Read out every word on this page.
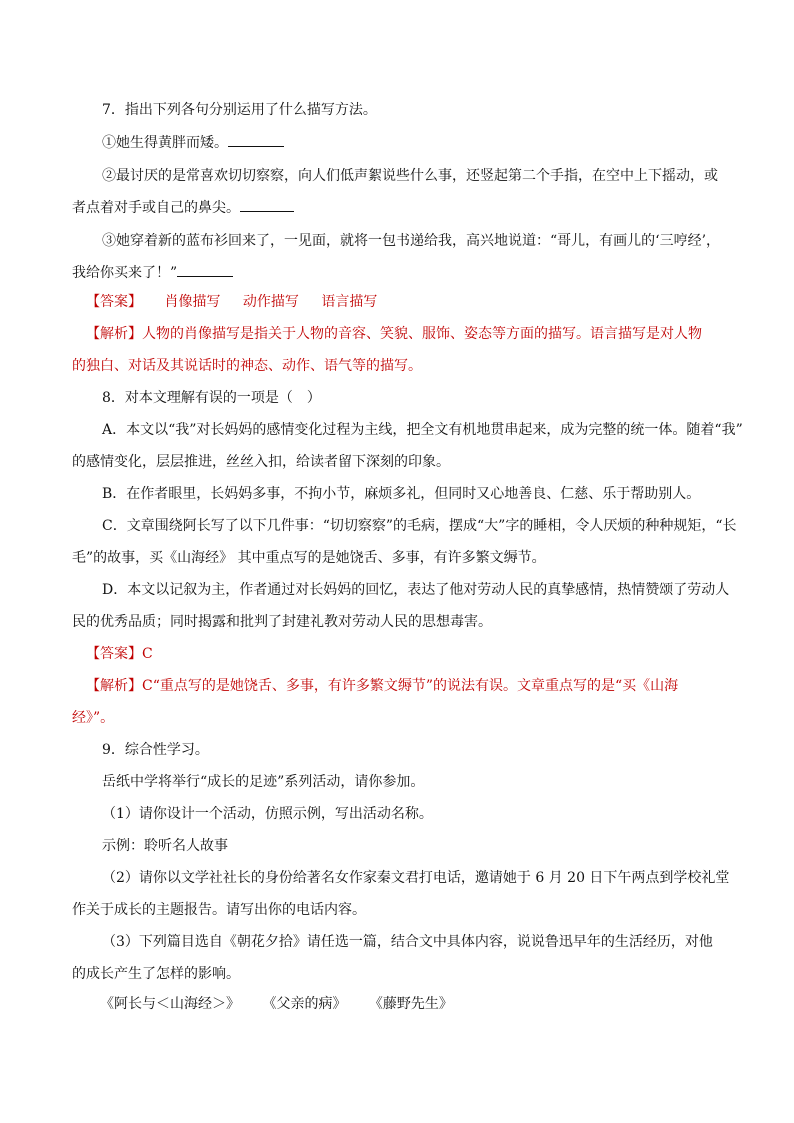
7．指出下列各句分别运用了什么描写方法。
①她生得黄胖而矮。
②最讨厌的是常喜欢切切察察，向人们低声絮说些什么事，还竖起第二个手指，在空中上下摇动，或
者点着对手或自己的鼻尖。
③她穿着新的蓝布衫回来了，一见面，就将一包书递给我，高兴地说道：“哥儿，有画儿的‘三哼经’，
我给你买来了！”
【答案】 肖像描写 动作描写 语言描写
【解析】人物的肖像描写是指关于人物的音容、笑貌、服饰、姿态等方面的描写。语言描写是对人物
的独白、对话及其说话时的神态、动作、语气等的描写。
8．对本文理解有误的一项是（　）
A．本文以“我”对长妈妈的感情变化过程为主线，把全文有机地贯串起来，成为完整的统一体。随着“我”
的感情变化，层层推进，丝丝入扣，给读者留下深刻的印象。
B．在作者眼里，长妈妈多事，不拘小节，麻烦多礼，但同时又心地善良、仁慈、乐于帮助别人。
C．文章围绕阿长写了以下几件事：“切切察察”的毛病，摆成“大”字的睡相，令人厌烦的种种规矩，“长
毛”的故事，买《山海经》 其中重点写的是她饶舌、多事，有许多繁文缛节。
D．本文以记叙为主，作者通过对长妈妈的回忆，表达了他对劳动人民的真挚感情，热情赞颂了劳动人
民的优秀品质；同时揭露和批判了封建礼教对劳动人民的思想毒害。
【答案】C
【解析】C“重点写的是她饶舌、多事，有许多繁文缛节”的说法有误。文章重点写的是“买《山海
经》”。
9．综合性学习。
岳纸中学将举行“成长的足迹”系列活动，请你参加。
（1）请你设计一个活动，仿照示例，写出活动名称。
示例：聆听名人故事
（2）请你以文学社社长的身份给著名女作家秦文君打电话，邀请她于 6 月 20 日下午两点到学校礼堂
作关于成长的主题报告。请写出你的电话内容。
（3）下列篇目选自《朝花夕拾》请任选一篇，结合文中具体内容，说说鲁迅早年的生活经历，对他
的成长产生了怎样的影响。
《阿长与＜山海经＞》 《父亲的病》 《藤野先生》
